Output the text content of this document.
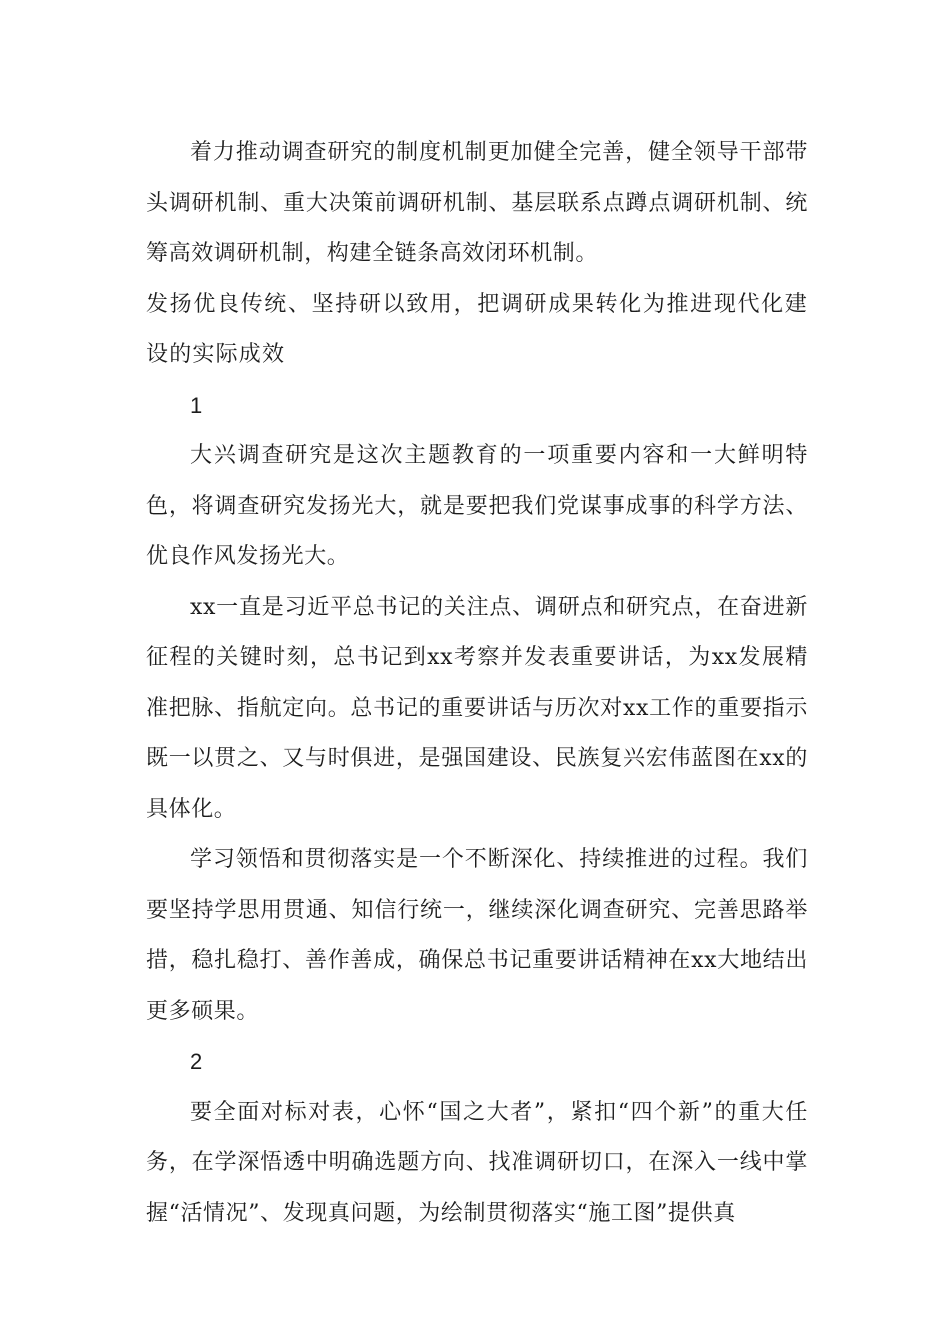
着力推动调查研究的制度机制更加健全完善，健全领导干部带头调研机制、重大决策前调研机制、基层联系点蹲点调研机制、统筹高效调研机制，构建全链条高效闭环机制。

发扬优良传统、坚持研以致用，把调研成果转化为推进现代化建设的实际成效

1

大兴调查研究是这次主题教育的一项重要内容和一大鲜明特色，将调查研究发扬光大，就是要把我们党谋事成事的科学方法、优良作风发扬光大。

xx一直是习近平总书记的关注点、调研点和研究点，在奋进新征程的关键时刻，总书记到xx考察并发表重要讲话，为xx发展精准把脉、指航定向。总书记的重要讲话与历次对xx工作的重要指示既一以贯之、又与时俱进，是强国建设、民族复兴宏伟蓝图在xx的具体化。

学习领悟和贯彻落实是一个不断深化、持续推进的过程。我们要坚持学思用贯通、知信行统一，继续深化调查研究、完善思路举措，稳扎稳打、善作善成，确保总书记重要讲话精神在xx大地结出更多硕果。

2

要全面对标对表，心怀“国之大者”，紧扣“四个新”的重大任务，在学深悟透中明确选题方向、找准调研切口，在深入一线中掌握“活情况”、发现真问题，为绘制贯彻落实“施工图”提供真
